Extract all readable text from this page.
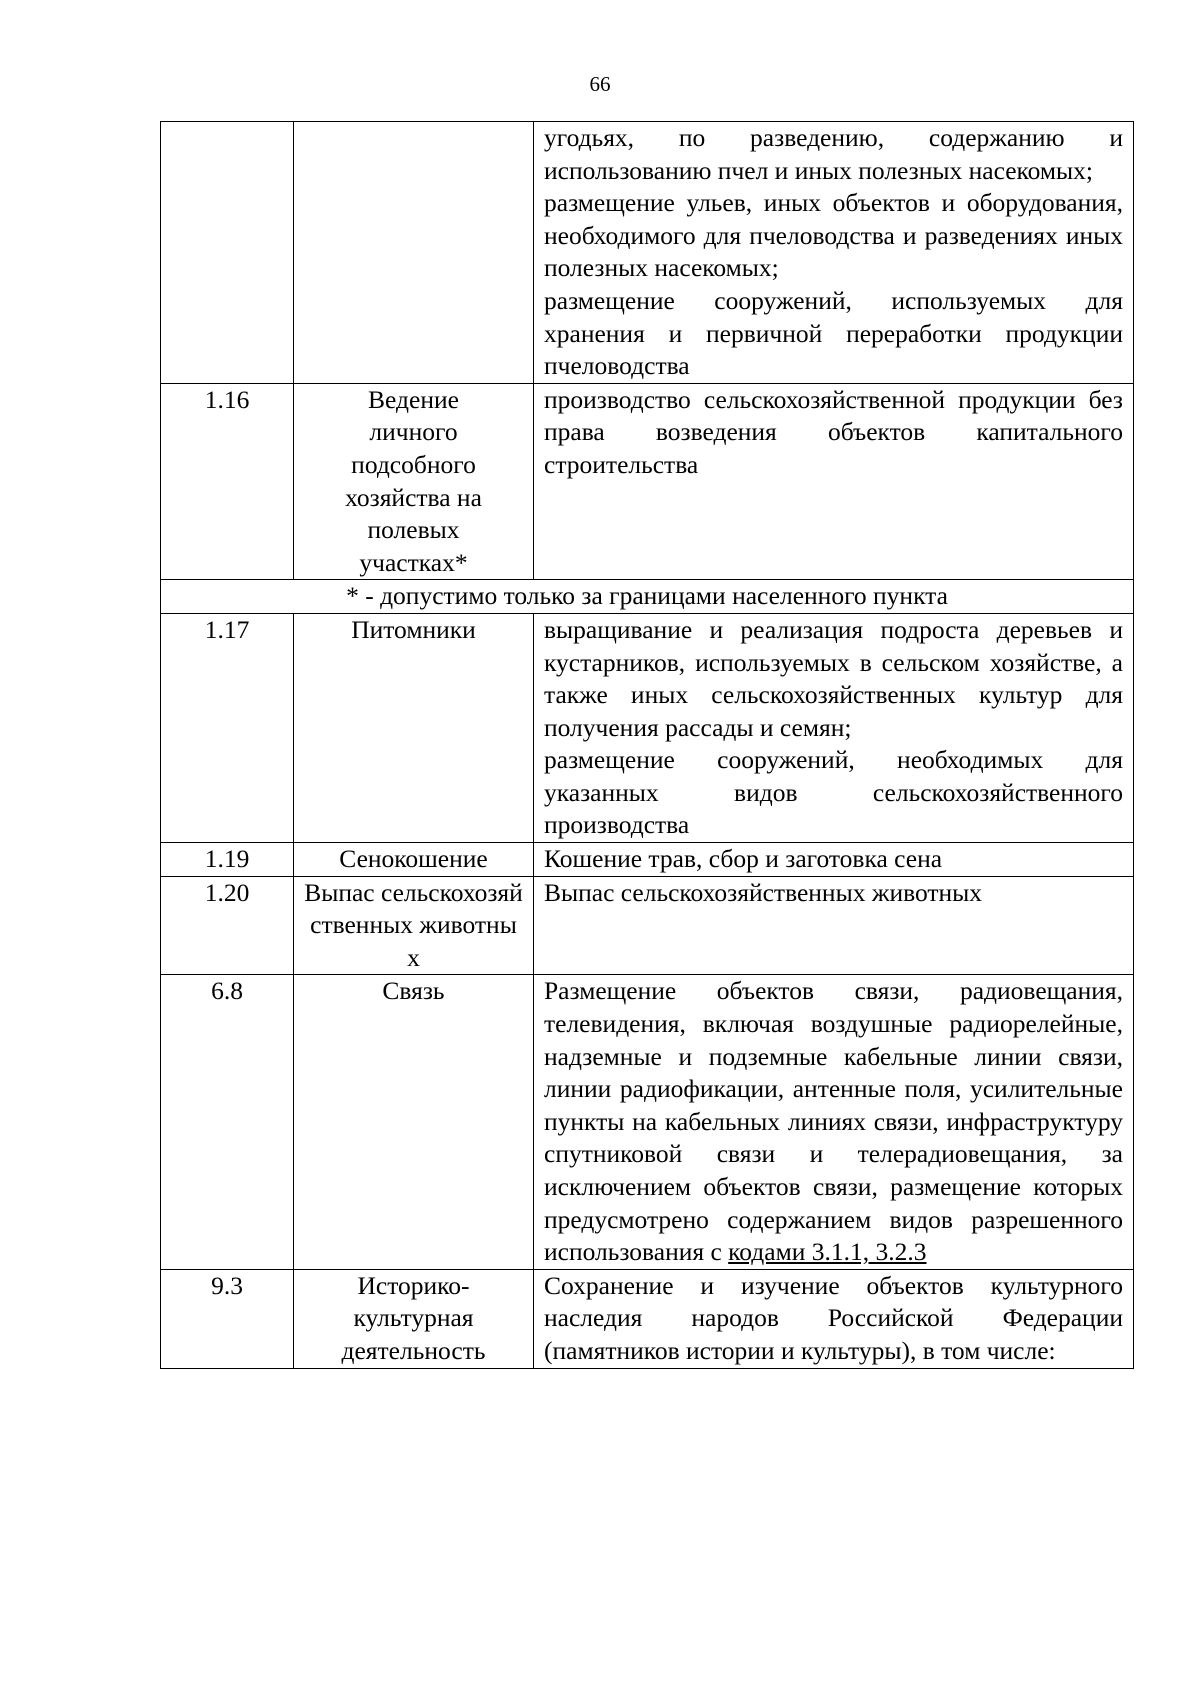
66

		угодьях, по разведению, содержанию и использованию пчел и иных полезных насекомых;
размещение ульев, иных объектов и оборудования, необходимого для пчеловодства и разведениях иных полезных насекомых;
размещение сооружений, используемых для хранения и первичной переработки продукции пчеловодства

1.16	Ведение личного подсобного хозяйства на полевых участках*	производство сельскохозяйственной продукции без права возведения объектов капитального строительства

* - допустимо только за границами населенного пункта		
1.17	Питомники	выращивание и реализация подроста деревьев и кустарников, используемых в сельском хозяйстве, а также иных сельскохозяйственных культур для получения рассады и семян;
размещение сооружений, необходимых для указанных видов сельскохозяйственного производства

1.19	Сенокошение	Кошение трав, сбор и заготовка сена

1.20	Выпас сельскохозяйственных животных	Выпас сельскохозяйственных животных

6.8	Связь	Размещение объектов связи, радиовещания, телевидения, включая воздушные радиорелейные, надземные и подземные кабельные линии связи, линии радиофикации, антенные поля, усилительные пункты на кабельных линиях связи, инфраструктуру спутниковой связи и телерадиовещания, за исключением объектов связи, размещение которых предусмотрено содержанием видов разрешенного использования с кодами 3.1.1, 3.2.3

9.3	Историко-культурная деятельность	Сохранение и изучение объектов культурного наследия народов Российской Федерации (памятников истории и культуры), в том числе:
